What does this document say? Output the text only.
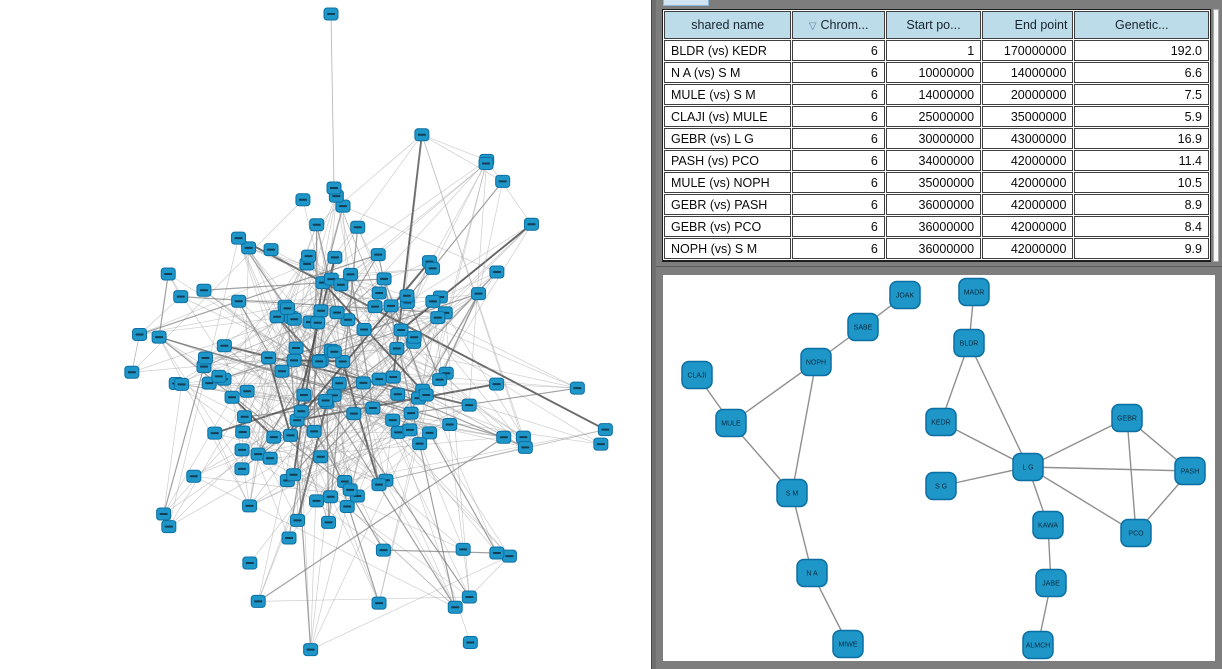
shared name	▽ Chrom...	Start po...	End point	Genetic...
BLDR (vs) KEDR	6	1	170000000	192.0
N A (vs) S M	6	10000000	14000000	6.6
MULE (vs) S M	6	14000000	20000000	7.5
CLAJI (vs) MULE	6	25000000	35000000	5.9
GEBR (vs) L G	6	30000000	43000000	16.9
PASH (vs) PCO	6	34000000	42000000	11.4
MULE (vs) NOPH	6	35000000	42000000	10.5
GEBR (vs) PASH	6	36000000	42000000	8.9
GEBR (vs) PCO	6	36000000	42000000	8.4
NOPH (vs) S M	6	36000000	42000000	9.9
JOAK	MADR
SABE
NOPH
BLDR
CLAJI
MULE	KEDR
GEBR
L G
PASH
S G
S M
KAWA
PCO
JABE
N A
ALMCH
MIWE
